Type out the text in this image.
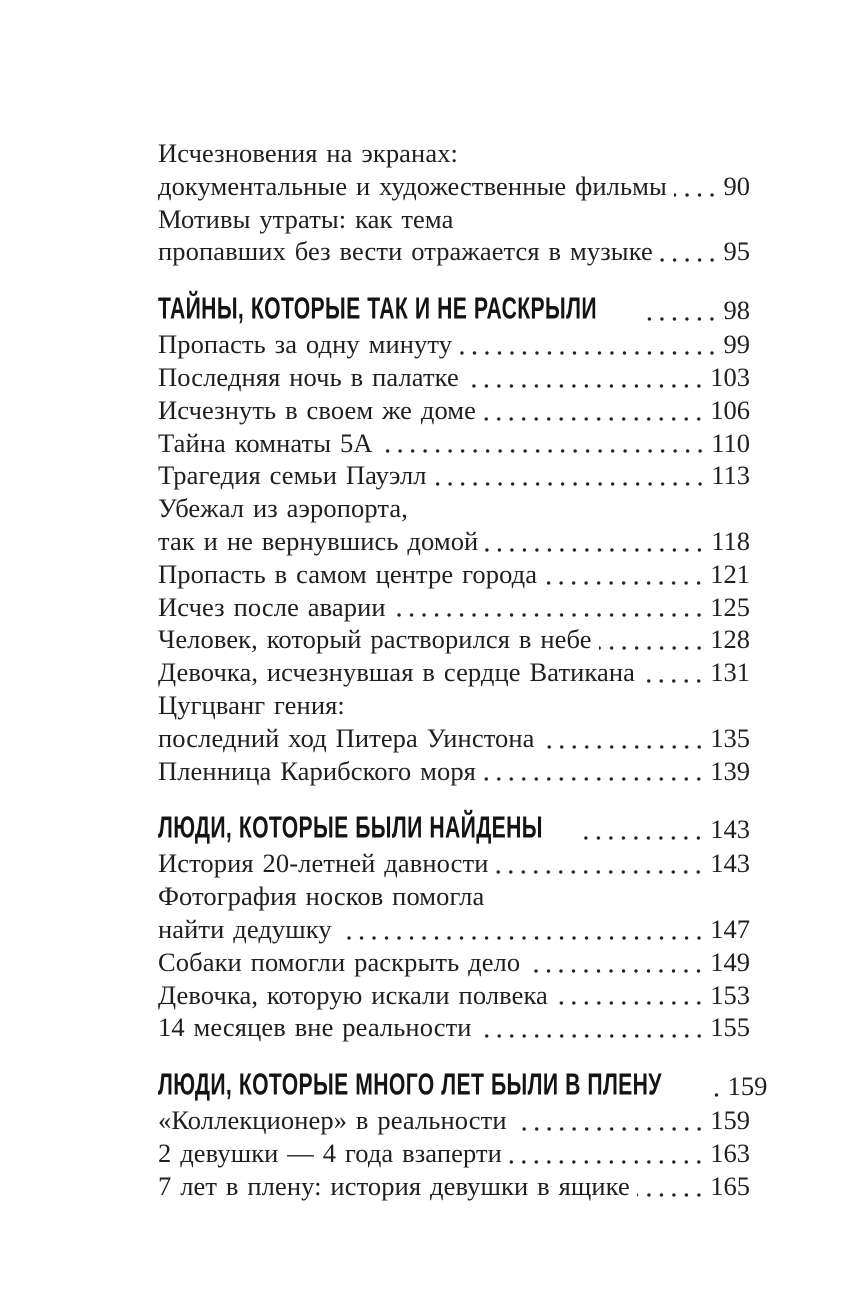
Исчезновения на экранах:
документальные и художественные фильмы 90
Мотивы утраты: как тема
пропавших без вести отражается в музыке	95
ТАЙНЫ, КОТОРЫЕ ТАК И НЕ РАСКРЫЛИ	98
Пропасть за одну минуту	99
Последняя ночь в палатке	103
Исчезнуть в своем же доме	106
Тайна комнаты 5А	110
Трагедия семьи Пауэлл	113
Убежал из аэропорта,
так и не вернувшись домой	118
Пропасть в самом центре города	121
Исчез после аварии	125
Человек, который растворился в небе	128
Девочка, исчезнувшая в сердце Ватикана	131
Цугцванг гения:
последний ход Питера Уинстона	135
Пленница Карибского моря	139
ЛЮДИ, КОТОРЫЕ БЫЛИ НАЙДЕНЫ	143
История 20-летней давности	143
Фотография носков помогла
найти дедушку	147
Собаки помогли раскрыть дело	149
Девочка, которую искали полвека	153
14 месяцев вне реальности	155
ЛЮДИ, КОТОРЫЕ МНОГО ЛЕТ БЫЛИ В ПЛЕНУ 159
«Коллекционер» в реальности	159
2 девушки — 4 года взаперти	163
7 лет в плену: история девушки в ящике	165
